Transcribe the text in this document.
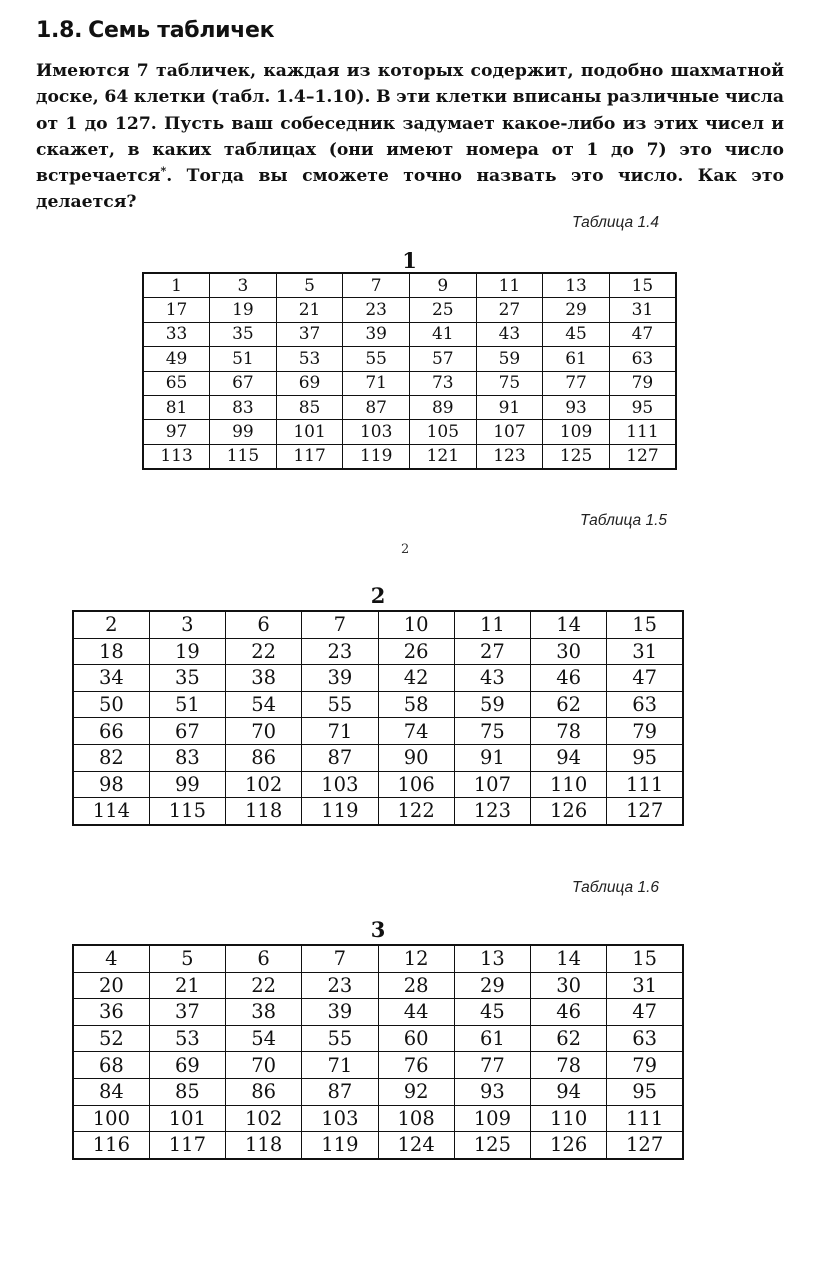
1.8. Семь табличек

Имеются 7 табличек, каждая из которых содержит, подобно шахматной доске, 64 клетки (табл. 1.4–1.10). В эти клетки вписаны различные числа от 1 до 127. Пусть ваш собеседник задумает какое-либо из этих чисел и скажет, в каких таблицах (они имеют номера от 1 до 7) это число встречается*. Тогда вы сможете точно назвать это число. Как это делается?

Таблица 1.4
1
1	3	5	7	9	11	13	15
17	19	21	23	25	27	29	31
33	35	37	39	41	43	45	47
49	51	53	55	57	59	61	63
65	67	69	71	73	75	77	79
81	83	85	87	89	91	93	95
97	99	101	103	105	107	109	111
113	115	117	119	121	123	125	127
Таблица 1.5
2
2
2	3	6	7	10	11	14	15
18	19	22	23	26	27	30	31
34	35	38	39	42	43	46	47
50	51	54	55	58	59	62	63
66	67	70	71	74	75	78	79
82	83	86	87	90	91	94	95
98	99	102	103	106	107	110	111
114	115	118	119	122	123	126	127
Таблица 1.6
3
4	5	6	7	12	13	14	15
20	21	22	23	28	29	30	31
36	37	38	39	44	45	46	47
52	53	54	55	60	61	62	63
68	69	70	71	76	77	78	79
84	85	86	87	92	93	94	95
100	101	102	103	108	109	110	111
116	117	118	119	124	125	126	127
